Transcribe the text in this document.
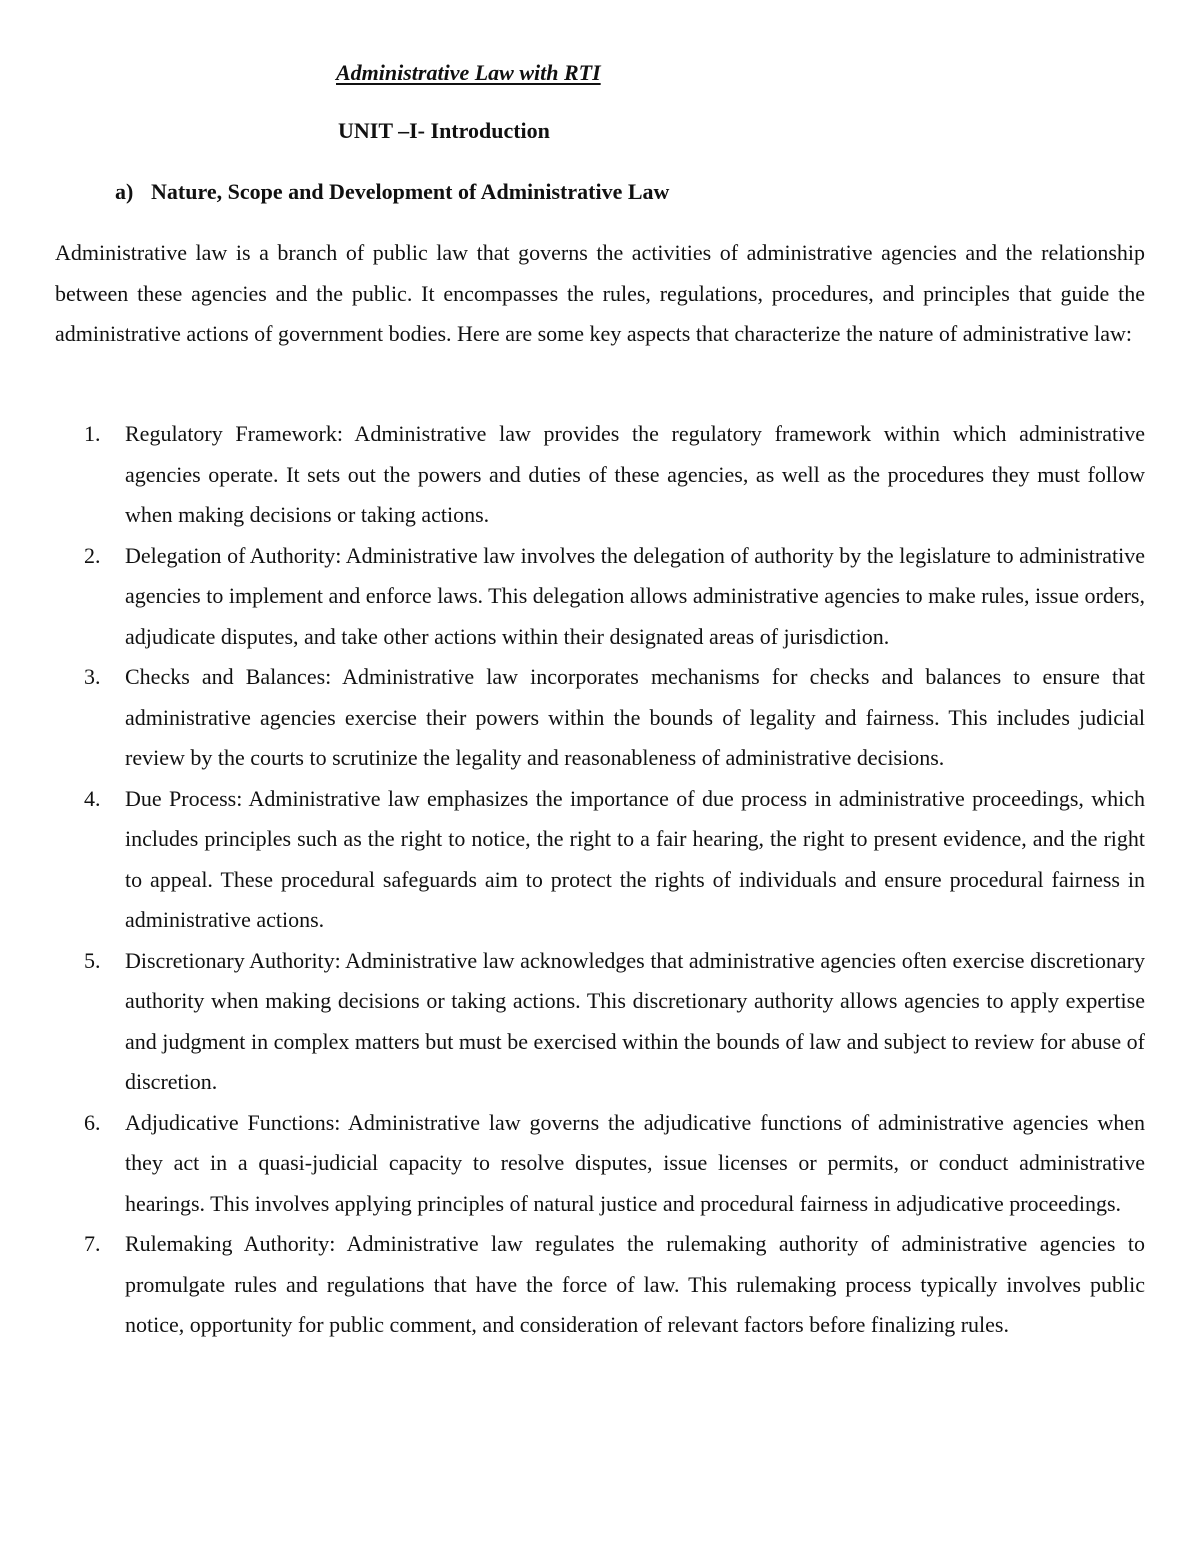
Administrative Law with RTI
UNIT –I- Introduction
a) Nature, Scope and Development of Administrative Law

Administrative law is a branch of public law that governs the activities of administrative agencies and the relationship between these agencies and the public. It encompasses the rules, regulations, procedures, and principles that guide the administrative actions of government bodies. Here are some key aspects that characterize the nature of administrative law:

1. Regulatory Framework: Administrative law provides the regulatory framework within which administrative agencies operate. It sets out the powers and duties of these agencies, as well as the procedures they must follow when making decisions or taking actions.
2. Delegation of Authority: Administrative law involves the delegation of authority by the legislature to administrative agencies to implement and enforce laws. This delegation allows administrative agencies to make rules, issue orders, adjudicate disputes, and take other actions within their designated areas of jurisdiction.
3. Checks and Balances: Administrative law incorporates mechanisms for checks and balances to ensure that administrative agencies exercise their powers within the bounds of legality and fairness. This includes judicial review by the courts to scrutinize the legality and reasonableness of administrative decisions.
4. Due Process: Administrative law emphasizes the importance of due process in administrative proceedings, which includes principles such as the right to notice, the right to a fair hearing, the right to present evidence, and the right to appeal. These procedural safeguards aim to protect the rights of individuals and ensure procedural fairness in administrative actions.
5. Discretionary Authority: Administrative law acknowledges that administrative agencies often exercise discretionary authority when making decisions or taking actions. This discretionary authority allows agencies to apply expertise and judgment in complex matters but must be exercised within the bounds of law and subject to review for abuse of discretion.
6. Adjudicative Functions: Administrative law governs the adjudicative functions of administrative agencies when they act in a quasi-judicial capacity to resolve disputes, issue licenses or permits, or conduct administrative hearings. This involves applying principles of natural justice and procedural fairness in adjudicative proceedings.
7. Rulemaking Authority: Administrative law regulates the rulemaking authority of administrative agencies to promulgate rules and regulations that have the force of law. This rulemaking process typically involves public notice, opportunity for public comment, and consideration of relevant factors before finalizing rules.
